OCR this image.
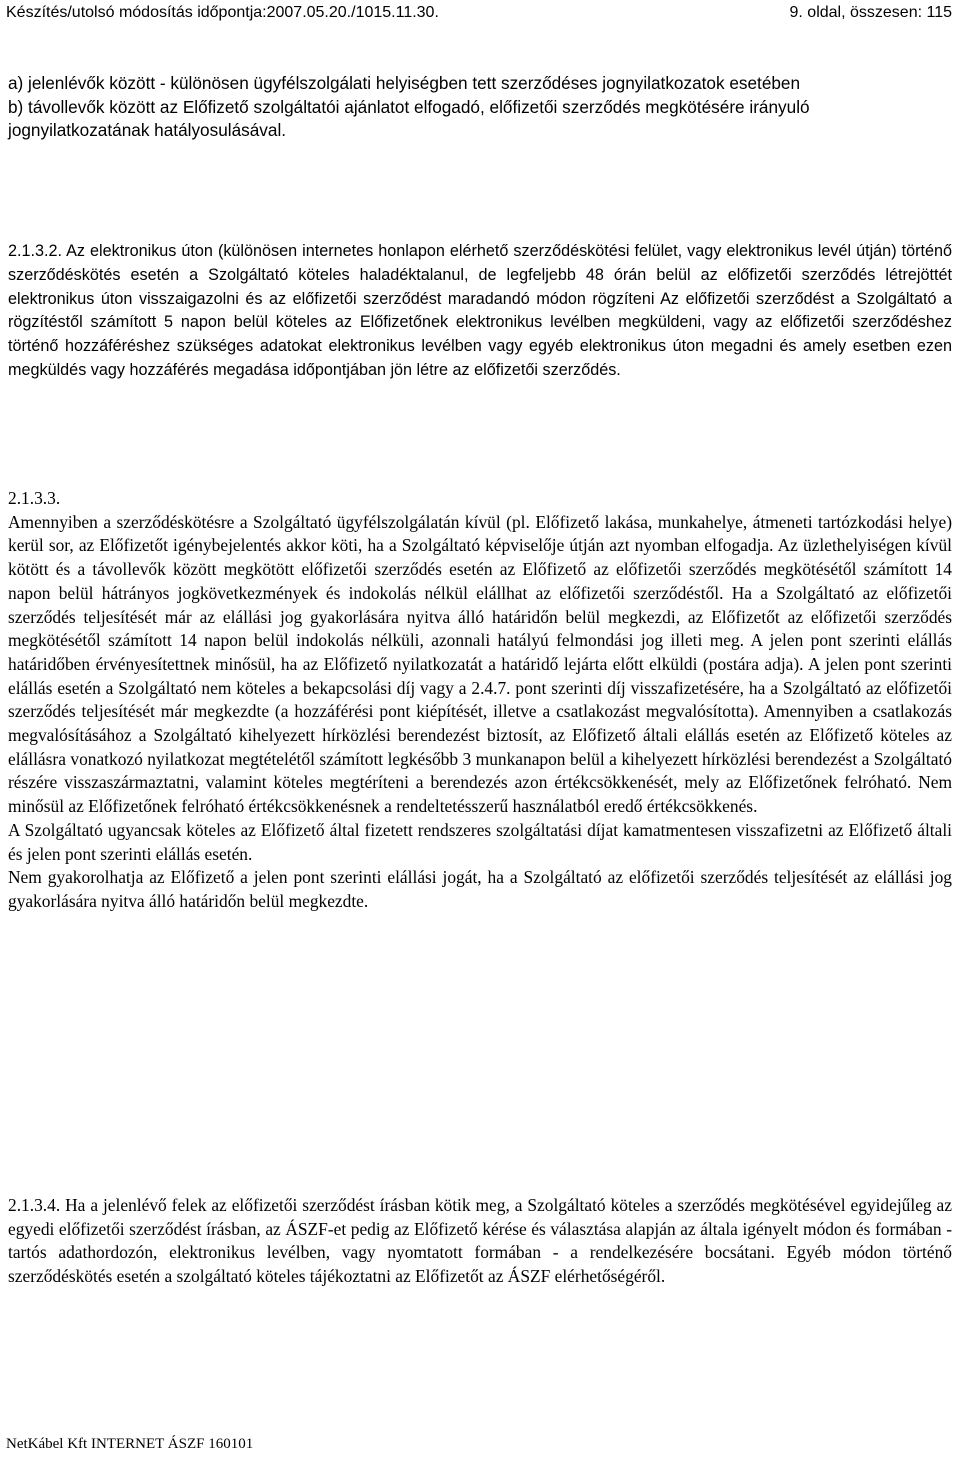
Készítés/utolsó módosítás időpontja:2007.05.20./1015.11.30.	9. oldal, összesen: 115

a) jelenlévők között - különösen ügyfélszolgálati helyiségben tett szerződéses jognyilatkozatok esetében

b) távollevők között az Előfizető szolgáltatói ajánlatot elfogadó, előfizetői szerződés megkötésére irányuló jognyilatkozatának hatályosulásával.

2.1.3.2. Az elektronikus úton (különösen internetes honlapon elérhető szerződéskötési felület, vagy elektronikus levél útján) történő szerződéskötés esetén a Szolgáltató köteles haladéktalanul, de legfeljebb 48 órán belül az előfizetői szerződés létrejöttét elektronikus úton visszaigazolni és az előfizetői szerződést maradandó módon rögzíteni Az előfizetői szerződést a Szolgáltató a rögzítéstől számított 5 napon belül köteles az Előfizetőnek elektronikus levélben megküldeni, vagy az előfizetői szerződéshez történő hozzáféréshez szükséges adatokat elektronikus levélben vagy egyéb elektronikus úton megadni és amely esetben ezen megküldés vagy hozzáférés megadása időpontjában jön létre az előfizetői szerződés.

2.1.3.3.

Amennyiben a szerződéskötésre a Szolgáltató ügyfélszolgálatán kívül (pl. Előfizető lakása, munkahelye, átmeneti tartózkodási helye) kerül sor, az Előfizetőt igénybejelentés akkor köti, ha a Szolgáltató képviselője útján azt nyomban elfogadja. Az üzlethelyiségen kívül kötött és a távollevők között megkötött előfizetői szerződés esetén az Előfizető az előfizetői szerződés megkötésétől számított 14 napon belül hátrányos jogkövetkezmények és indokolás nélkül elállhat az előfizetői szerződéstől. Ha a Szolgáltató az előfizetői szerződés teljesítését már az elállási jog gyakorlására nyitva álló határidőn belül megkezdi, az Előfizetőt az előfizetői szerződés megkötésétől számított 14 napon belül indokolás nélküli, azonnali hatályú felmondási jog illeti meg. A jelen pont szerinti elállás határidőben érvényesítettnek minősül, ha az Előfizető nyilatkozatát a határidő lejárta előtt elküldi (postára adja). A jelen pont szerinti elállás esetén a Szolgáltató nem köteles a bekapcsolási díj vagy a 2.4.7. pont szerinti díj visszafizetésére, ha a Szolgáltató az előfizetői szerződés teljesítését már megkezdte (a hozzáférési pont kiépítését, illetve a csatlakozást megvalósította). Amennyiben a csatlakozás megvalósításához a Szolgáltató kihelyezett hírközlési berendezést biztosít, az Előfizető általi elállás esetén az Előfizető köteles az elállásra vonatkozó nyilatkozat megtételétől számított legkésőbb 3 munkanapon belül a kihelyezett hírközlési berendezést a Szolgáltató részére visszaszármaztatni, valamint köteles megtéríteni a berendezés azon értékcsökkenését, mely az Előfizetőnek felróható. Nem minősül az Előfizetőnek felróható értékcsökkenésnek a rendeltetésszerű használatból eredő értékcsökkenés.

A Szolgáltató ugyancsak köteles az Előfizető által fizetett rendszeres szolgáltatási díjat kamatmentesen visszafizetni az Előfizető általi és jelen pont szerinti elállás esetén.

Nem gyakorolhatja az Előfizető a jelen pont szerinti elállási jogát, ha a Szolgáltató az előfizetői szerződés teljesítését az elállási jog gyakorlására nyitva álló határidőn belül megkezdte.

2.1.3.4. Ha a jelenlévő felek az előfizetői szerződést írásban kötik meg, a Szolgáltató köteles a szerződés megkötésével egyidejűleg az egyedi előfizetői szerződést írásban, az ÁSZF-et pedig az Előfizető kérése és választása alapján az általa igényelt módon és formában - tartós adathordozón, elektronikus levélben, vagy nyomtatott formában - a rendelkezésére bocsátani. Egyéb módon történő szerződéskötés esetén a szolgáltató köteles tájékoztatni az Előfizetőt az ÁSZF elérhetőségéről.

NetKábel Kft INTERNET ÁSZF 160101
